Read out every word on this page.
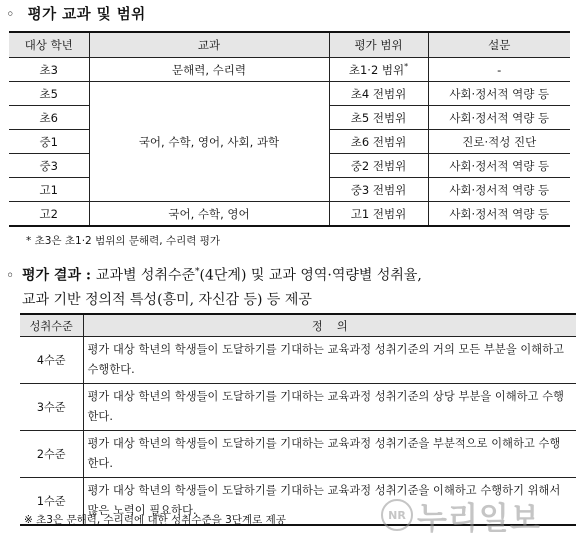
◦ 평가 교과 및 범위
대상 학년	교과	평가 범위	설문
초3	문해력, 수리력	초1·2 범위*	-
초5	국어, 수학, 영어, 사회, 과학	초4 전범위	사회·정서적 역량 등
초6		초5 전범위	사회·정서적 역량 등
중1		초6 전범위	진로·적성 진단
중3		중2 전범위	사회·정서적 역량 등
고1		중3 전범위	사회·정서적 역량 등
고2	국어, 수학, 영어	고1 전범위	사회·정서적 역량 등
* 초3은 초1·2 범위의 문해력, 수리력 평가
◦ 평가 결과 : 교과별 성취수준*(4단계) 및 교과 영역·역량별 성취율,
교과 기반 정의적 특성(흥미, 자신감 등) 등 제공
성취수준	정    의
4수준	평가 대상 학년의 학생들이 도달하기를 기대하는 교육과정 성취기준의 거의 모든 부분을 이해하고 수행한다.
3수준	평가 대상 학년의 학생들이 도달하기를 기대하는 교육과정 성취기준의 상당 부분을 이해하고 수행한다.
2수준	평가 대상 학년의 학생들이 도달하기를 기대하는 교육과정 성취기준을 부분적으로 이해하고 수행한다.
1수준	평가 대상 학년의 학생들이 도달하기를 기대하는 교육과정 성취기준을 이해하고 수행하기 위해서 많은 노력이 필요하다.
※ 초3은 문해력, 수리력에 대한 성취수준을 3단계로 제공	NR 누리일보
